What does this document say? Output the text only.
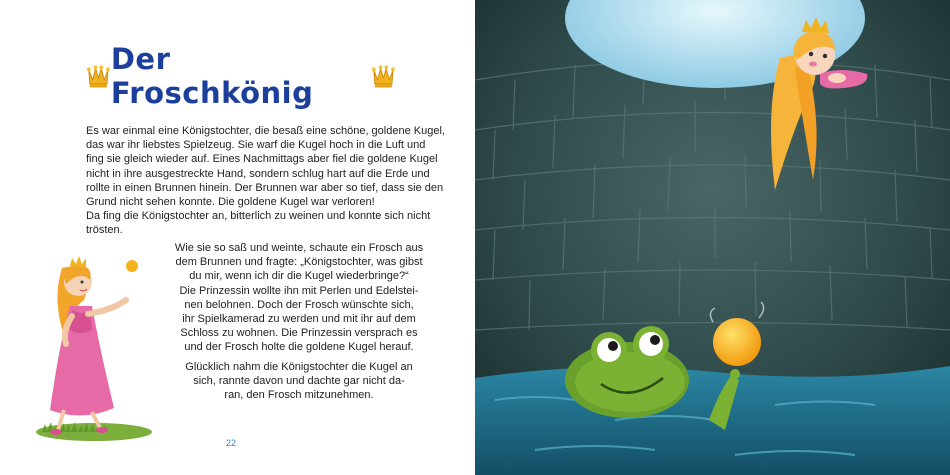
Der Froschkönig
Es war einmal eine Königstochter, die besaß eine schöne, goldene Kugel,
das war ihr liebstes Spielzeug. Sie warf die Kugel hoch in die Luft und
fing sie gleich wieder auf. Eines Nachmittags aber fiel die goldene Kugel
nicht in ihre ausgestreckte Hand, sondern schlug hart auf die Erde und
rollte in einen Brunnen hinein. Der Brunnen war aber so tief, dass sie den
Grund nicht sehen konnte. Die goldene Kugel war verloren!
Da fing die Königstochter an, bitterlich zu weinen und konnte sich nicht
trösten.
Wie sie so saß und weinte, schaute ein Frosch aus
dem Brunnen und fragte: „Königstochter, was gibst
du mir, wenn ich dir die Kugel wiederbringe?“
Die Prinzessin wollte ihn mit Perlen und Edelstei-
nen belohnen. Doch der Frosch wünschte sich,
ihr Spielkamerad zu werden und mit ihr auf dem
Schloss zu wohnen. Die Prinzessin versprach es
und der Frosch holte die goldene Kugel herauf.
Glücklich nahm die Königstochter die Kugel an
sich, rannte davon und dachte gar nicht da-
ran, den Frosch mitzunehmen.
22
